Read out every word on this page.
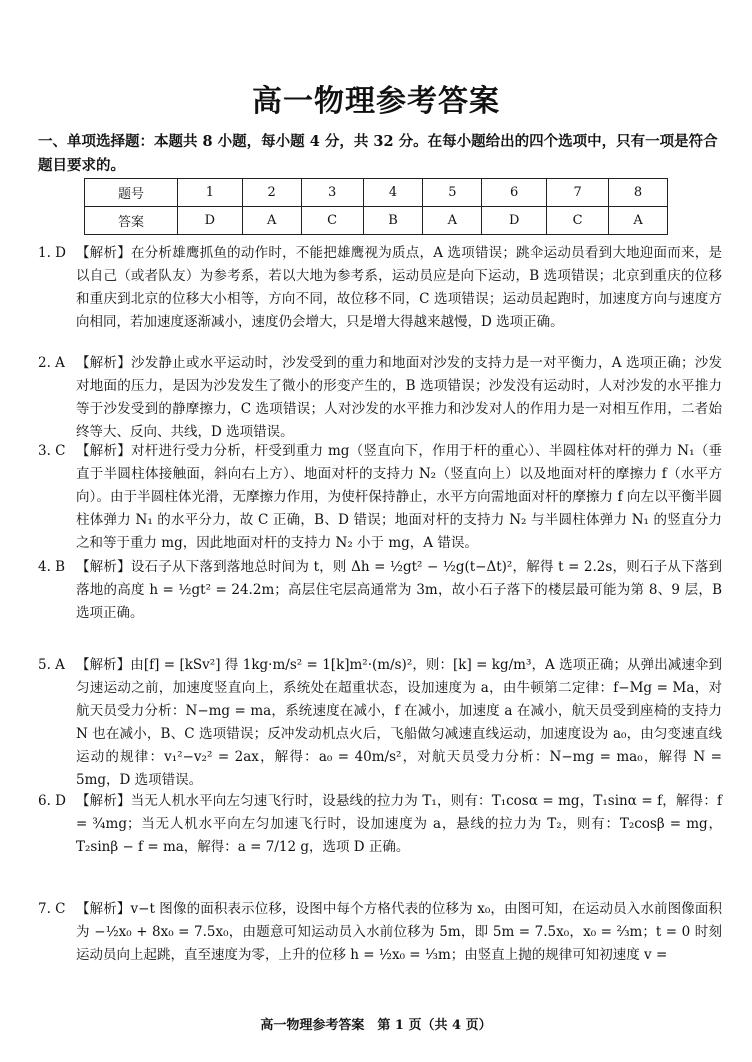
高一物理参考答案
一、单项选择题：本题共 8 小题，每小题 4 分，共 32 分。在每小题给出的四个选项中，只有一项是符合题目要求的。
题号	1	2	3	4	5	6	7	8
答案	D	A	C	B	A	D	C	A
1. D 【解析】在分析雄鹰抓鱼的动作时，不能把雄鹰视为质点，A 选项错误；跳伞运动员看到大地迎面而来，是以自己（或者队友）为参考系，若以大地为参考系，运动员应是向下运动，B 选项错误；北京到重庆的位移和重庆到北京的位移大小相等，方向不同，故位移不同，C 选项错误；运动员起跑时，加速度方向与速度方向相同，若加速度逐渐减小，速度仍会增大，只是增大得越来越慢，D 选项正确。
2. A 【解析】沙发静止或水平运动时，沙发受到的重力和地面对沙发的支持力是一对平衡力，A 选项正确；沙发对地面的压力，是因为沙发发生了微小的形变产生的，B 选项错误；沙发没有运动时，人对沙发的水平推力等于沙发受到的静摩擦力，C 选项错误；人对沙发的水平推力和沙发对人的作用力是一对相互作用，二者始终等大、反向、共线，D 选项错误。
3. C 【解析】对杆进行受力分析，杆受到重力 mg（竖直向下，作用于杆的重心）、半圆柱体对杆的弹力 N₁（垂直于半圆柱体接触面，斜向右上方）、地面对杆的支持力 N₂（竖直向上）以及地面对杆的摩擦力 f（水平方向）。由于半圆柱体光滑，无摩擦力作用，为使杆保持静止，水平方向需地面对杆的摩擦力 f 向左以平衡半圆柱体弹力 N₁ 的水平分力，故 C 正确，B、D 错误；地面对杆的支持力 N₂ 与半圆柱体弹力 N₁ 的竖直分力之和等于重力 mg，因此地面对杆的支持力 N₂ 小于 mg，A 错误。
4. B 【解析】设石子从下落到落地总时间为 t，则 Δh = ½gt² − ½g(t−Δt)²，解得 t = 2.2s，则石子从下落到落地的高度 h = ½gt² = 24.2m；高层住宅层高通常为 3m，故小石子落下的楼层最可能为第 8、9 层，B 选项正确。
5. A 【解析】由[f] = [kSv²] 得 1kg·m/s² = 1[k]m²·(m/s)²，则：[k] = kg/m³，A 选项正确；从弹出减速伞到匀速运动之前，加速度竖直向上，系统处在超重状态，设加速度为 a，由牛顿第二定律：f−Mg = Ma，对航天员受力分析：N−mg = ma，系统速度在减小，f 在减小，加速度 a 在减小，航天员受到座椅的支持力 N 也在减小，B、C 选项错误；反冲发动机点火后，飞船做匀减速直线运动，加速度设为 a₀，由匀变速直线运动的规律：v₁²−v₂² = 2ax，解得：a₀ = 40m/s²，对航天员受力分析：N−mg = ma₀，解得 N = 5mg，D 选项错误。
6. D 【解析】当无人机水平向左匀速飞行时，设悬线的拉力为 T₁，则有：T₁cosα = mg，T₁sinα = f，解得：f = ¾mg；当无人机水平向左匀加速飞行时，设加速度为 a，悬线的拉力为 T₂，则有：T₂cosβ = mg，T₂sinβ − f = ma，解得：a = 7/12 g，选项 D 正确。
7. C 【解析】v−t 图像的面积表示位移，设图中每个方格代表的位移为 x₀，由图可知，在运动员入水前图像面积为 −½x₀ + 8x₀ = 7.5x₀，由题意可知运动员入水前位移为 5m，即 5m = 7.5x₀，x₀ = ⅔m；t = 0 时刻运动员向上起跳，直至速度为零，上升的位移 h = ½x₀ = ⅓m；由竖直上抛的规律可知初速度 v =
高一物理参考答案　第 1 页（共 4 页）
